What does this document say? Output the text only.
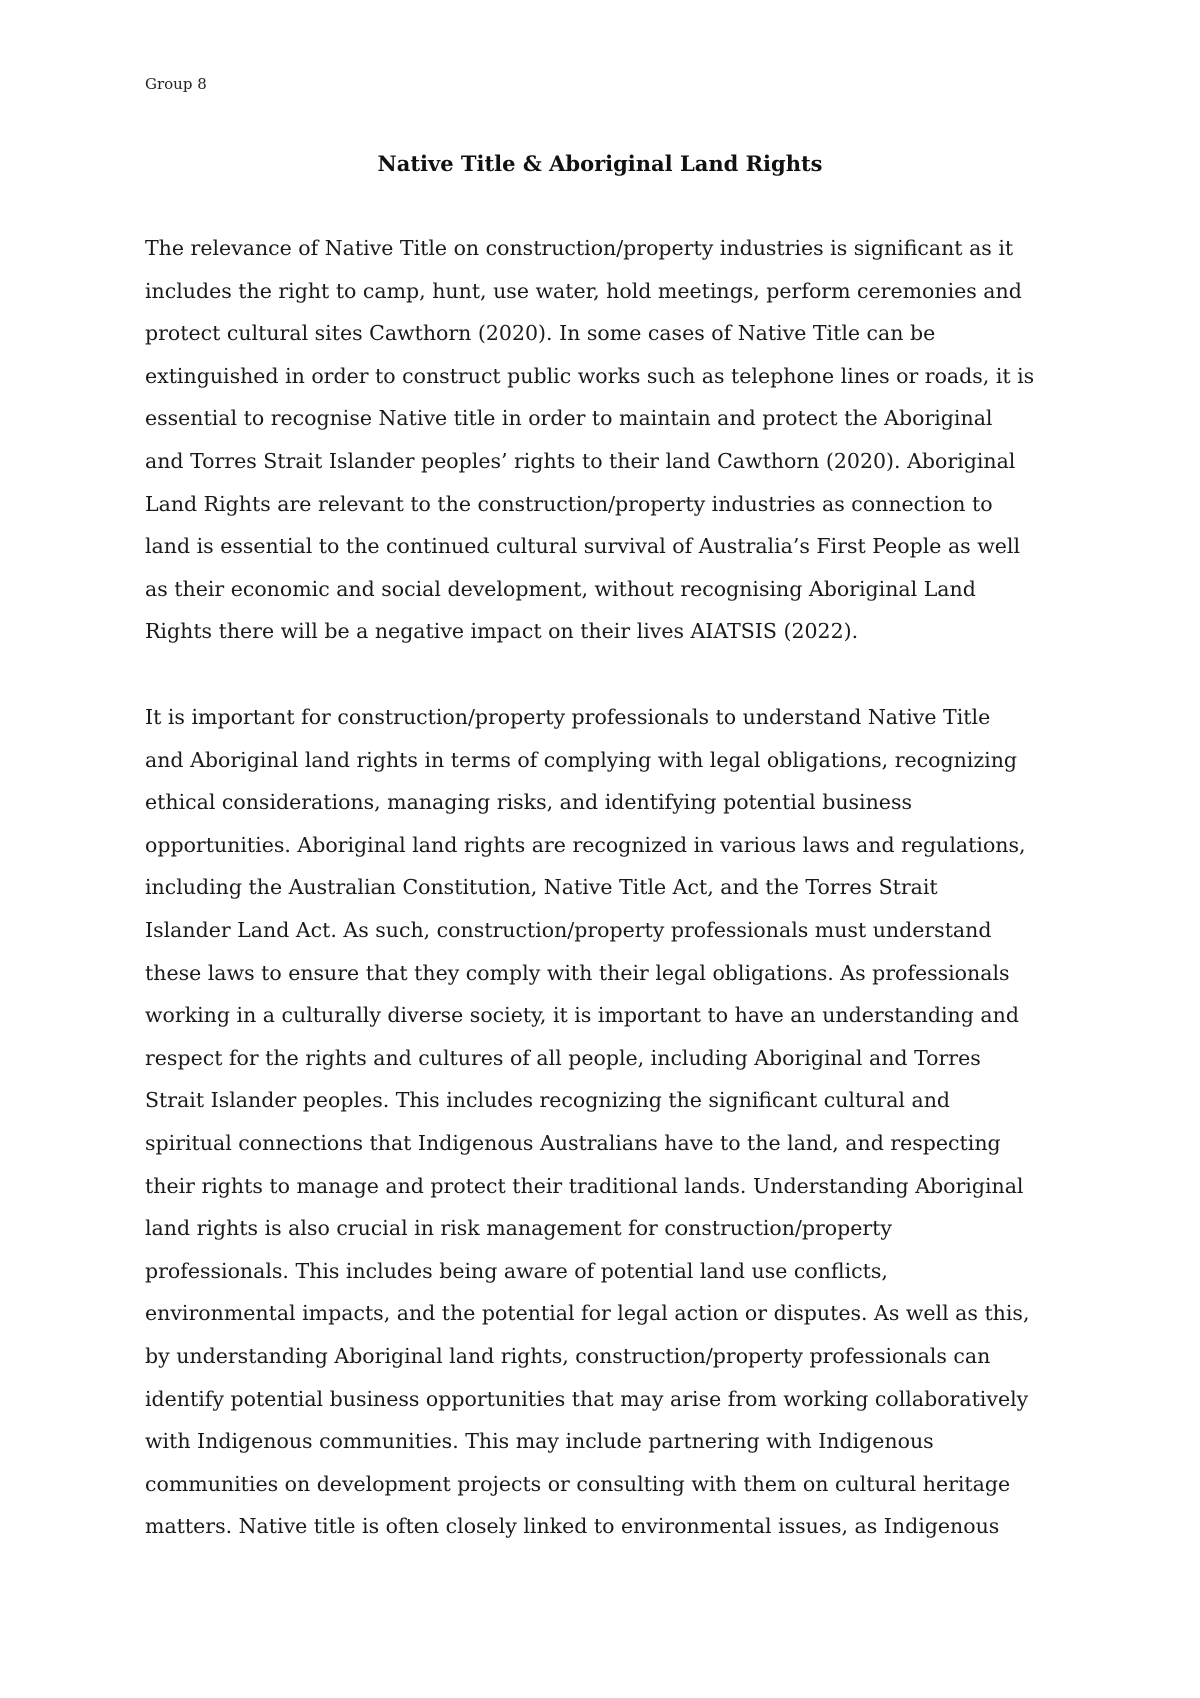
Group 8
Native Title & Aboriginal Land Rights
The relevance of Native Title on construction/property industries is significant as it
includes the right to camp, hunt, use water, hold meetings, perform ceremonies and
protect cultural sites Cawthorn (2020). In some cases of Native Title can be
extinguished in order to construct public works such as telephone lines or roads, it is
essential to recognise Native title in order to maintain and protect the Aboriginal
and Torres Strait Islander peoples’ rights to their land Cawthorn (2020). Aboriginal
Land Rights are relevant to the construction/property industries as connection to
land is essential to the continued cultural survival of Australia’s First People as well
as their economic and social development, without recognising Aboriginal Land
Rights there will be a negative impact on their lives AIATSIS (2022).
It is important for construction/property professionals to understand Native Title
and Aboriginal land rights in terms of complying with legal obligations, recognizing
ethical considerations, managing risks, and identifying potential business
opportunities. Aboriginal land rights are recognized in various laws and regulations,
including the Australian Constitution, Native Title Act, and the Torres Strait
Islander Land Act. As such, construction/property professionals must understand
these laws to ensure that they comply with their legal obligations. As professionals
working in a culturally diverse society, it is important to have an understanding and
respect for the rights and cultures of all people, including Aboriginal and Torres
Strait Islander peoples. This includes recognizing the significant cultural and
spiritual connections that Indigenous Australians have to the land, and respecting
their rights to manage and protect their traditional lands. Understanding Aboriginal
land rights is also crucial in risk management for construction/property
professionals. This includes being aware of potential land use conflicts,
environmental impacts, and the potential for legal action or disputes. As well as this,
by understanding Aboriginal land rights, construction/property professionals can
identify potential business opportunities that may arise from working collaboratively
with Indigenous communities. This may include partnering with Indigenous
communities on development projects or consulting with them on cultural heritage
matters. Native title is often closely linked to environmental issues, as Indigenous
